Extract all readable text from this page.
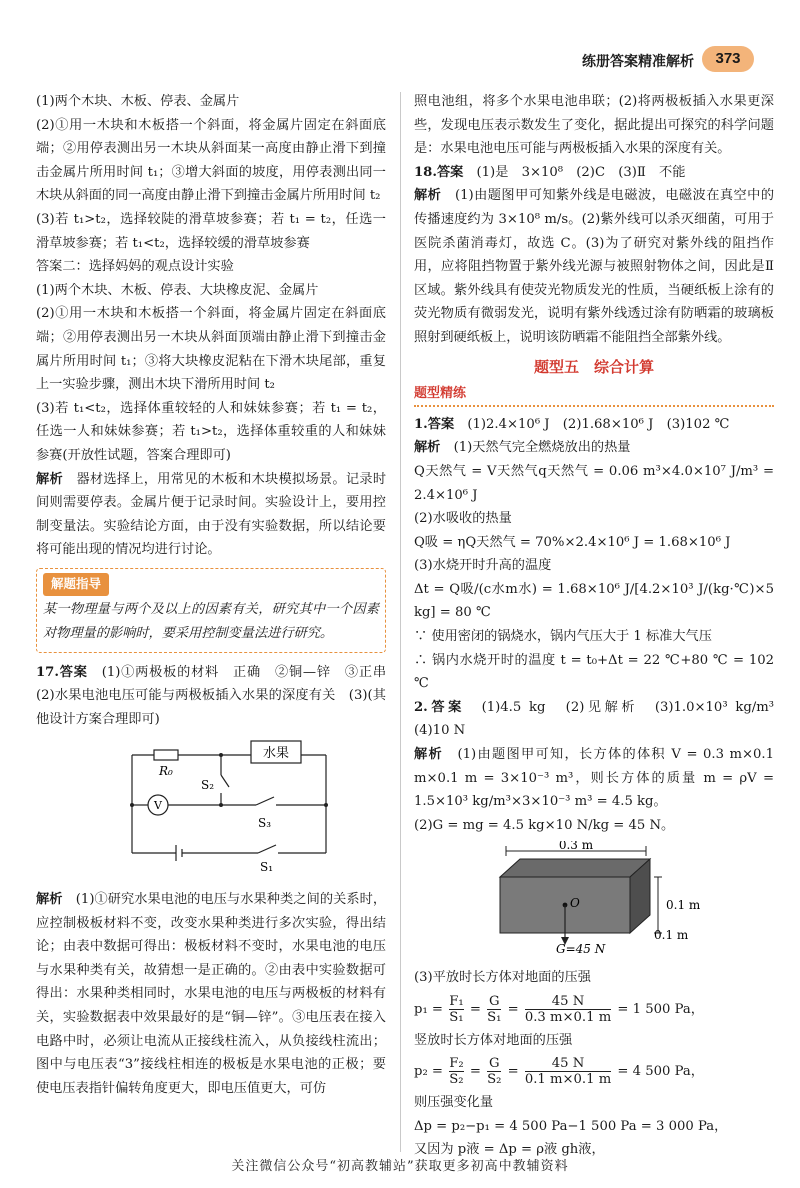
练册答案精准解析	373

(1)两个木块、木板、停表、金属片

(2)①用一木块和木板搭一个斜面，将金属片固定在斜面底端；②用停表测出另一木块从斜面某一高度由静止滑下到撞击金属片所用时间 t₁；③增大斜面的坡度，用停表测出同一木块从斜面的同一高度由静止滑下到撞击金属片所用时间 t₂

(3)若 t₁>t₂，选择较陡的滑草坡参赛；若 t₁ = t₂，任选一滑草坡参赛；若 t₁<t₂，选择较缓的滑草坡参赛

答案二：选择妈妈的观点设计实验

(1)两个木块、木板、停表、大块橡皮泥、金属片

(2)①用一木块和木板搭一个斜面，将金属片固定在斜面底端；②用停表测出另一木块从斜面顶端由静止滑下到撞击金属片所用时间 t₁；③将大块橡皮泥粘在下滑木块尾部，重复上一实验步骤，测出木块下滑所用时间 t₂

(3)若 t₁<t₂，选择体重较轻的人和妹妹参赛；若 t₁ = t₂，任选一人和妹妹参赛；若 t₁>t₂，选择体重较重的人和妹妹参赛(开放性试题，答案合理即可)

解析　 器材选择上，用常见的木板和木块模拟场景。记录时间则需要停表。金属片便于记录时间。实验设计上，要用控制变量法。实验结论方面，由于没有实验数据，所以结论要将可能出现的情况均进行讨论。

解题指导

某一物理量与两个及以上的因素有关，研究其中一个因素对物理量的影响时，要采用控制变量法进行研究。

17.答案　 (1)①两极板的材料　正确　②铜—锌　③正串　(2)水果电池电压可能与两极板插入水果的深度有关　(3)(其他设计方案合理即可)

水果
R₀
V
S₂
S₃
S₁

解析　 (1)①研究水果电池的电压与水果种类之间的关系时，应控制极板材料不变，改变水果种类进行多次实验，得出结论；由表中数据可得出：极板材料不变时，水果电池的电压与水果种类有关，故猜想一是正确的。②由表中实验数据可得出：水果种类相同时，水果电池的电压与两极板的材料有关，实验数据表中效果最好的是“铜—锌”。③电压表在接入电路中时，必须让电流从正接线柱流入，从负接线柱流出；图中与电压表“3”接线柱相连的极板是水果电池的正极；要使电压表指针偏转角度更大，即电压值更大，可仿

照电池组，将多个水果电池串联；(2)将两极板插入水果更深些，发现电压表示数发生了变化，据此提出可探究的科学问题是：水果电池电压可能与两极板插入水果的深度有关。

18.答案　 (1)是　3×10⁸　(2)C　(3)Ⅱ　不能

解析　 (1)由题图甲可知紫外线是电磁波，电磁波在真空中的传播速度约为 3×10⁸ m/s。(2)紫外线可以杀灭细菌，可用于医院杀菌消毒灯，故选 C。(3)为了研究对紫外线的阻挡作用，应将阻挡物置于紫外线光源与被照射物体之间，因此是Ⅱ区域。紫外线具有使荧光物质发光的性质，当硬纸板上涂有的荧光物质有微弱发光，说明有紫外线透过涂有防晒霜的玻璃板照射到硬纸板上，说明该防晒霜不能阻挡全部紫外线。

题型五　综合计算
题型精练

1.答案　 (1)2.4×10⁶ J　(2)1.68×10⁶ J　(3)102 ℃

解析　 (1)天然气完全燃烧放出的热量

Q天然气 = V天然气q天然气 = 0.06 m³×4.0×10⁷ J/m³ = 2.4×10⁶ J

(2)水吸收的热量

Q吸 = ηQ天然气 = 70%×2.4×10⁶ J = 1.68×10⁶ J

(3)水烧开时升高的温度

Δt = Q吸/(c水m水) = 1.68×10⁶ J/[4.2×10³ J/(kg·℃)×5 kg] = 80 ℃

∵ 使用密闭的锅烧水，锅内气压大于 1 标准大气压

∴ 锅内水烧开时的温度 t = t₀+Δt = 22 ℃+80 ℃ = 102 ℃

2.答案　 (1)4.5 kg　(2)见解析　(3)1.0×10³ kg/m³　(4)10 N

解析　 (1)由题图甲可知，长方体的体积 V = 0.3 m×0.1 m×0.1 m = 3×10⁻³ m³，则长方体的质量 m = ρV = 1.5×10³ kg/m³×3×10⁻³ m³ = 4.5 kg。

(2)G = mg = 4.5 kg×10 N/kg = 45 N。

0.3 m
O	0.1 m
0.1 m
G=45 N

(3)平放时长方体对地面的压强

$p_1 = \frac{\text{F₁}}{\text{S₁}} = \frac{G}{\text{S₁}} = \frac{45 N}{0.3 m\times 0.1 m} = 1$ 500 Pa，

竖放时长方体对地面的压强

$p_2 = \frac{\text{F₂}}{\text{S₂}} = \frac{G}{\text{S₂}} = \frac{45 N}{0.1 m\times 0.1 m} = 4$ 500 Pa，

则压强变化量

Δp = p₂−p₁ = 4 500 Pa−1 500 Pa = 3 000 Pa，

又因为 p液 = Δp = ρ液 gh液，

关注微信公众号“初高教辅站”获取更多初高中教辅资料
